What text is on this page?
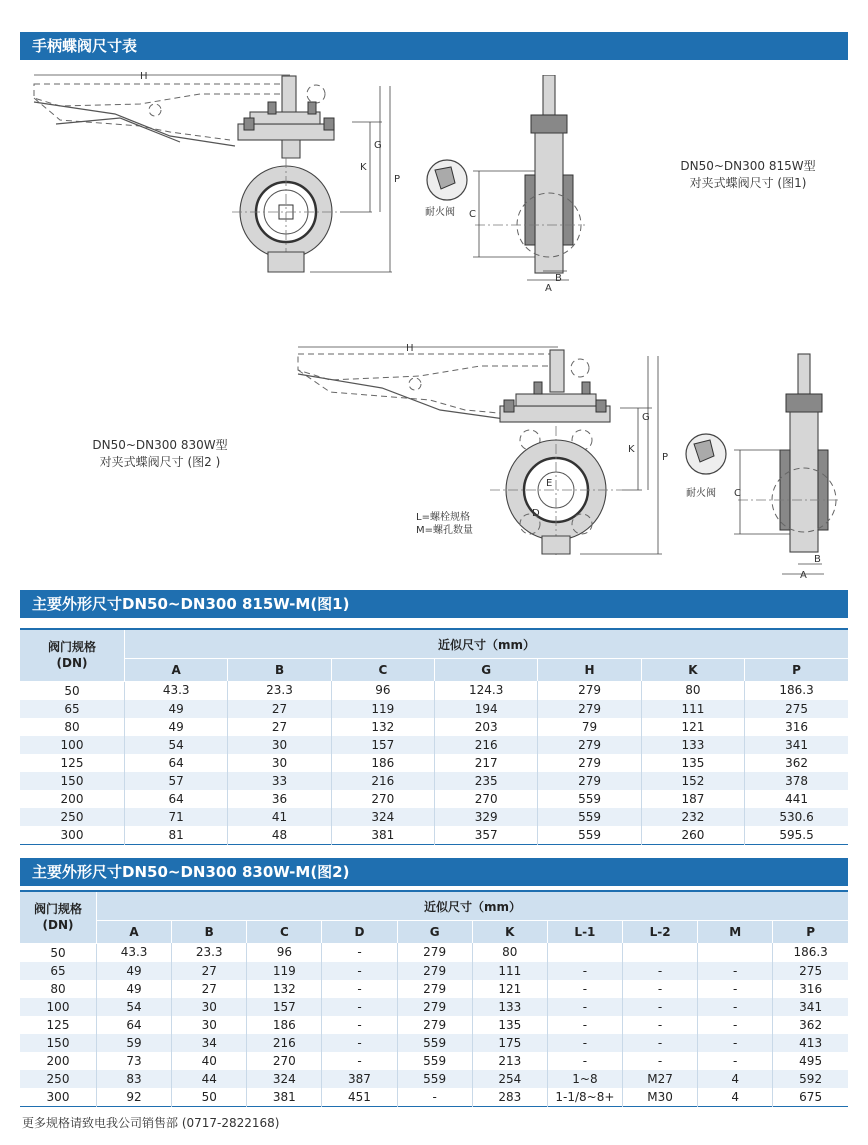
手柄蝶阀尺寸表
H
K
G
P
耐火阀 C
A
B
DN50~DN300 815W型
对夹式蝶阀尺寸 (图1)
DN50~DN300 830W型
对夹式蝶阀尺寸 (图2 )
H
E
D
L=螺栓规格
M=螺孔数量
K
G
P
耐火阀 C
A
B
主要外形尺寸DN50~DN300 815W-M(图1)
阀门规格
(DN)	近似尺寸（mm）						
	A	B	C	G	H	K	P
50	43.3	23.3	96	124.3	279	80	186.3
65	49	27	119	194	279	111	275
80	49	27	132	203	79	121	316
100	54	30	157	216	279	133	341
125	64	30	186	217	279	135	362
150	57	33	216	235	279	152	378
200	64	36	270	270	559	187	441
250	71	41	324	329	559	232	530.6
300	81	48	381	357	559	260	595.5
主要外形尺寸DN50~DN300 830W-M(图2)
阀门规格
(DN)	近似尺寸（mm）									
	A	B	C	D	G	K	L-1	L-2	M	P
50	43.3	23.3	96	-	279	80				186.3
65	49	27	119	-	279	111	-	-	-	275
80	49	27	132	-	279	121	-	-	-	316
100	54	30	157	-	279	133	-	-	-	341
125	64	30	186	-	279	135	-	-	-	362
150	59	34	216	-	559	175	-	-	-	413
200	73	40	270	-	559	213	-	-	-	495
250	83	44	324	387	559	254	1~8	M27	4	592
300	92	50	381	451	-	283	1-1/8~8+	M30	4	675
更多规格请致电我公司销售部 (0717-2822168)
